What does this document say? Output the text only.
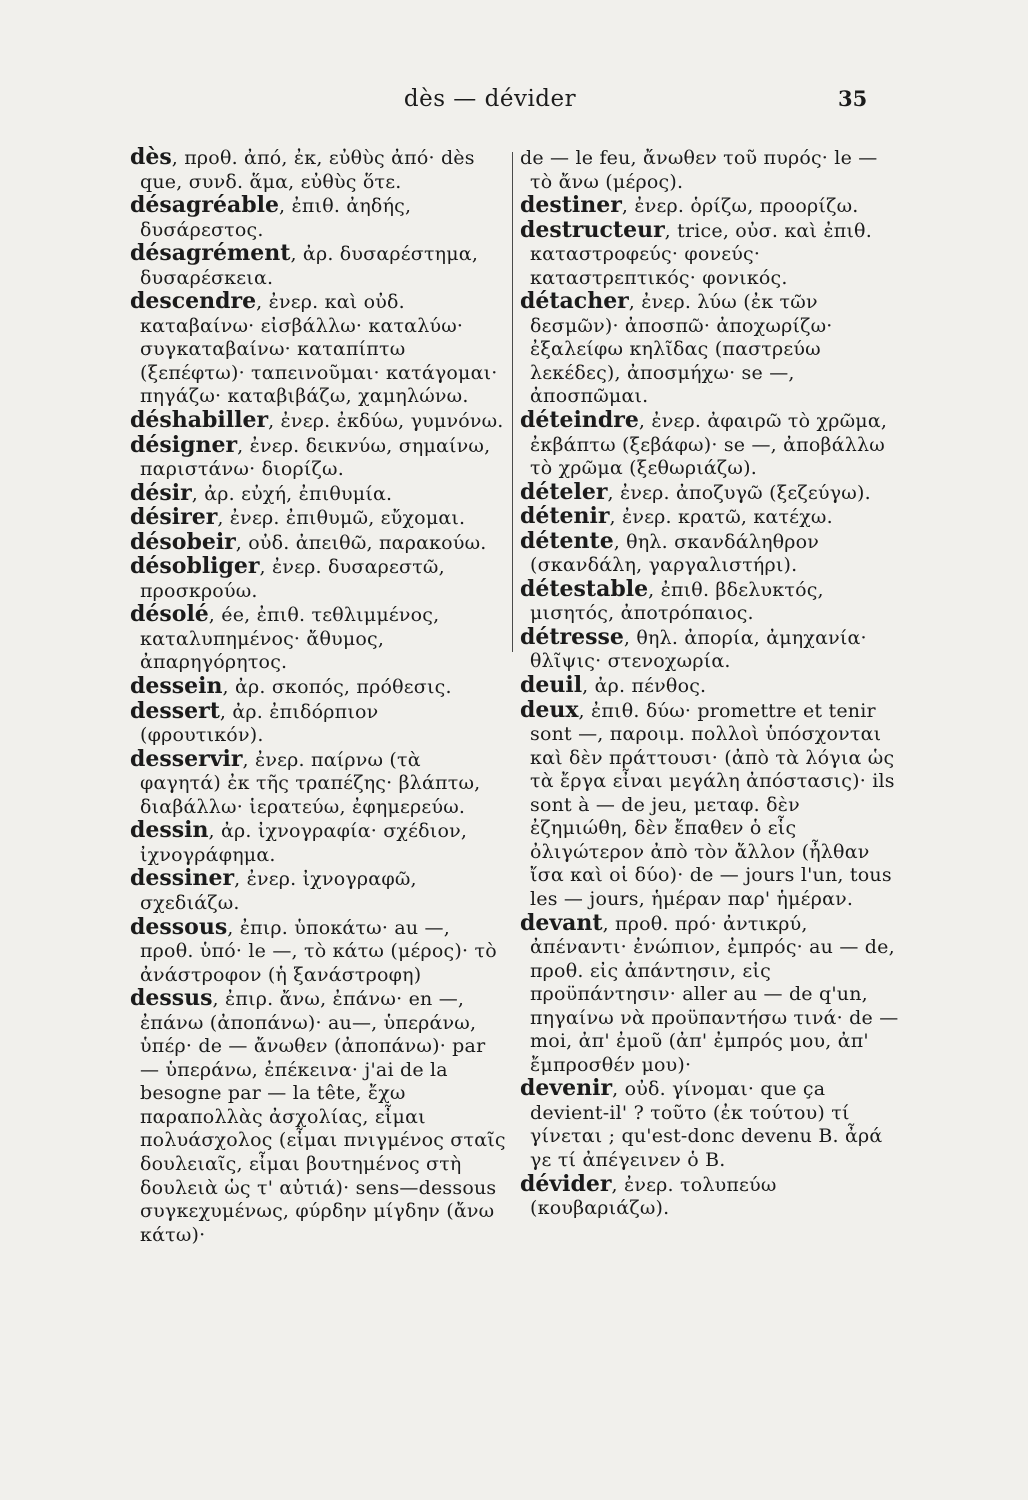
dès — dévider	35

dès, πρoθ. ἀπό, ἐκ, εὐθὺς ἀπό· dès que, συνδ. ἅμα, εὐθὺς ὅτε.

désagréable, ἐπιθ. ἀηδής, δυσάρεστος.

désagrément, ἀρ. δυσαρέστημα, δυσαρέσκεια.

descendre, ἐνερ. καὶ οὐδ. καταβαίνω· εἰσβάλλω· καταλύω· συγκαταβαίνω· καταπίπτω (ξεπέφτω)· ταπεινοῦμαι· κατάγομαι· πηγάζω· καταβιβάζω, χαμηλώνω.

déshabiller, ἐνερ. ἐκδύω, γυμνόνω.

désigner, ἐνερ. δεικνύω, σημαίνω, παριστάνω· διορίζω.

désir, ἀρ. εὐχή, ἐπιθυμία.

désirer, ἐνερ. ἐπιθυμῶ, εὔχομαι.

désobeir, οὐδ. ἀπειθῶ, παρακούω.

désobliger, ἐνερ. δυσαρεστῶ, προσκρούω.

désolé, ée, ἐπιθ. τεθλιμμένος, καταλυπημένος· ἄθυμος, ἀπαρηγόρητος.

dessein, ἀρ. σκοπός, πρόθεσις.

dessert, ἀρ. ἐπιδόρπιον (φρουτικόν).

desservir, ἐνερ. παίρνω (τὰ φαγητά) ἐκ τῆς τραπέζης· βλάπτω, διαβάλλω· ἱερατεύω, ἐφημερεύω.

dessin, ἀρ. ἰχνογραφία· σχέδιον, ἰχνογράφημα.

dessiner, ἐνερ. ἰχνογραφῶ, σχεδιάζω.

dessous, ἐπιρ. ὑποκάτω· au —, προθ. ὑπό· le —, τὸ κάτω (μέρος)· τὸ ἀνάστροφον (ἡ ξανάστροφη)

dessus, ἐπιρ. ἄνω, ἐπάνω· en —, ἐπάνω (ἀποπάνω)· au—, ὑπεράνω, ὑπέρ· de — ἄνωθεν (ἀποπάνω)· par — ὑπεράνω, ἐπέκεινα· j'ai de la besogne par — la tête, ἔχω παραπολλὰς ἀσχολίας, εἶμαι πολυάσχολος (εἶμαι πνιγμένος σταῖς δουλειαῖς, εἶμαι βουτημένος στὴ δουλειὰ ὡς τ' αὐτιά)· sens—dessous συγκεχυμένως, φύρδην μίγδην (ἄνω κάτω)·

de — le feu, ἄνωθεν τοῦ πυρός· le — τὸ ἄνω (μέρος).

destiner, ἐνερ. ὁρίζω, προορίζω.

destructeur, trice, οὐσ. καὶ ἐπιθ. καταστροφεύς· φονεύς· καταστρεπτικός· φονικός.

détacher, ἐνερ. λύω (ἐκ τῶν δεσμῶν)· ἀποσπῶ· ἀποχωρίζω· ἐξαλείφω κηλῖδας (παστρεύω λεκέδες), ἀποσμήχω· se —, ἀποσπῶμαι.

déteindre, ἐνερ. ἀφαιρῶ τὸ χρῶμα, ἐκβάπτω (ξεβάφω)· se —, ἀποβάλλω τὸ χρῶμα (ξεθωριάζω).

dételer, ἐνερ. ἀποζυγῶ (ξεζεύγω).

détenir, ἐνερ. κρατῶ, κατέχω.

détente, θηλ. σκανδάληθρον (σκανδάλη, γαργαλιστήρι).

détestable, ἐπιθ. βδελυκτός, μισητός, ἀποτρόπαιος.

détresse, θηλ. ἀπορία, ἀμηχανία· θλῖψις· στενοχωρία.

deuil, ἀρ. πένθος.

deux, ἐπιθ. δύω· promettre et tenir sont —, παροιμ. πολλοὶ ὑπόσχονται καὶ δὲν πράττουσι· (ἀπὸ τὰ λόγια ὡς τὰ ἔργα εἶναι μεγάλη ἀπόστασις)· ils sont à — de jeu, μεταφ. δὲν ἐζημιώθη, δὲν ἔπαθεν ὁ εἷς ὀλιγώτερον ἀπὸ τὸν ἄλλον (ἦλθαν ἴσα καὶ οἱ δύο)· de — jours l'un, tous les — jours, ἡμέραν παρ' ἡμέραν.

devant, προθ. πρό· ἀντικρύ, ἀπέναντι· ἐνώπιον, ἐμπρός· au — de, προθ. εἰς ἀπάντησιν, εἰς προϋπάντησιν· aller au — de q'un, πηγαίνω νὰ προϋπαντήσω τινά· de — moi, ἀπ' ἐμοῦ (ἀπ' ἐμπρός μου, ἀπ' ἔμπροσθέν μου)·

devenir, οὐδ. γίνομαι· que ça devient-il' ? τοῦτο (ἐκ τούτου) τί γίνεται ; qu'est-donc devenu B. ἆρά γε τί ἀπέγεινεν ὁ B.

dévider, ἐνερ. τολυπεύω (κουβαριάζω).
